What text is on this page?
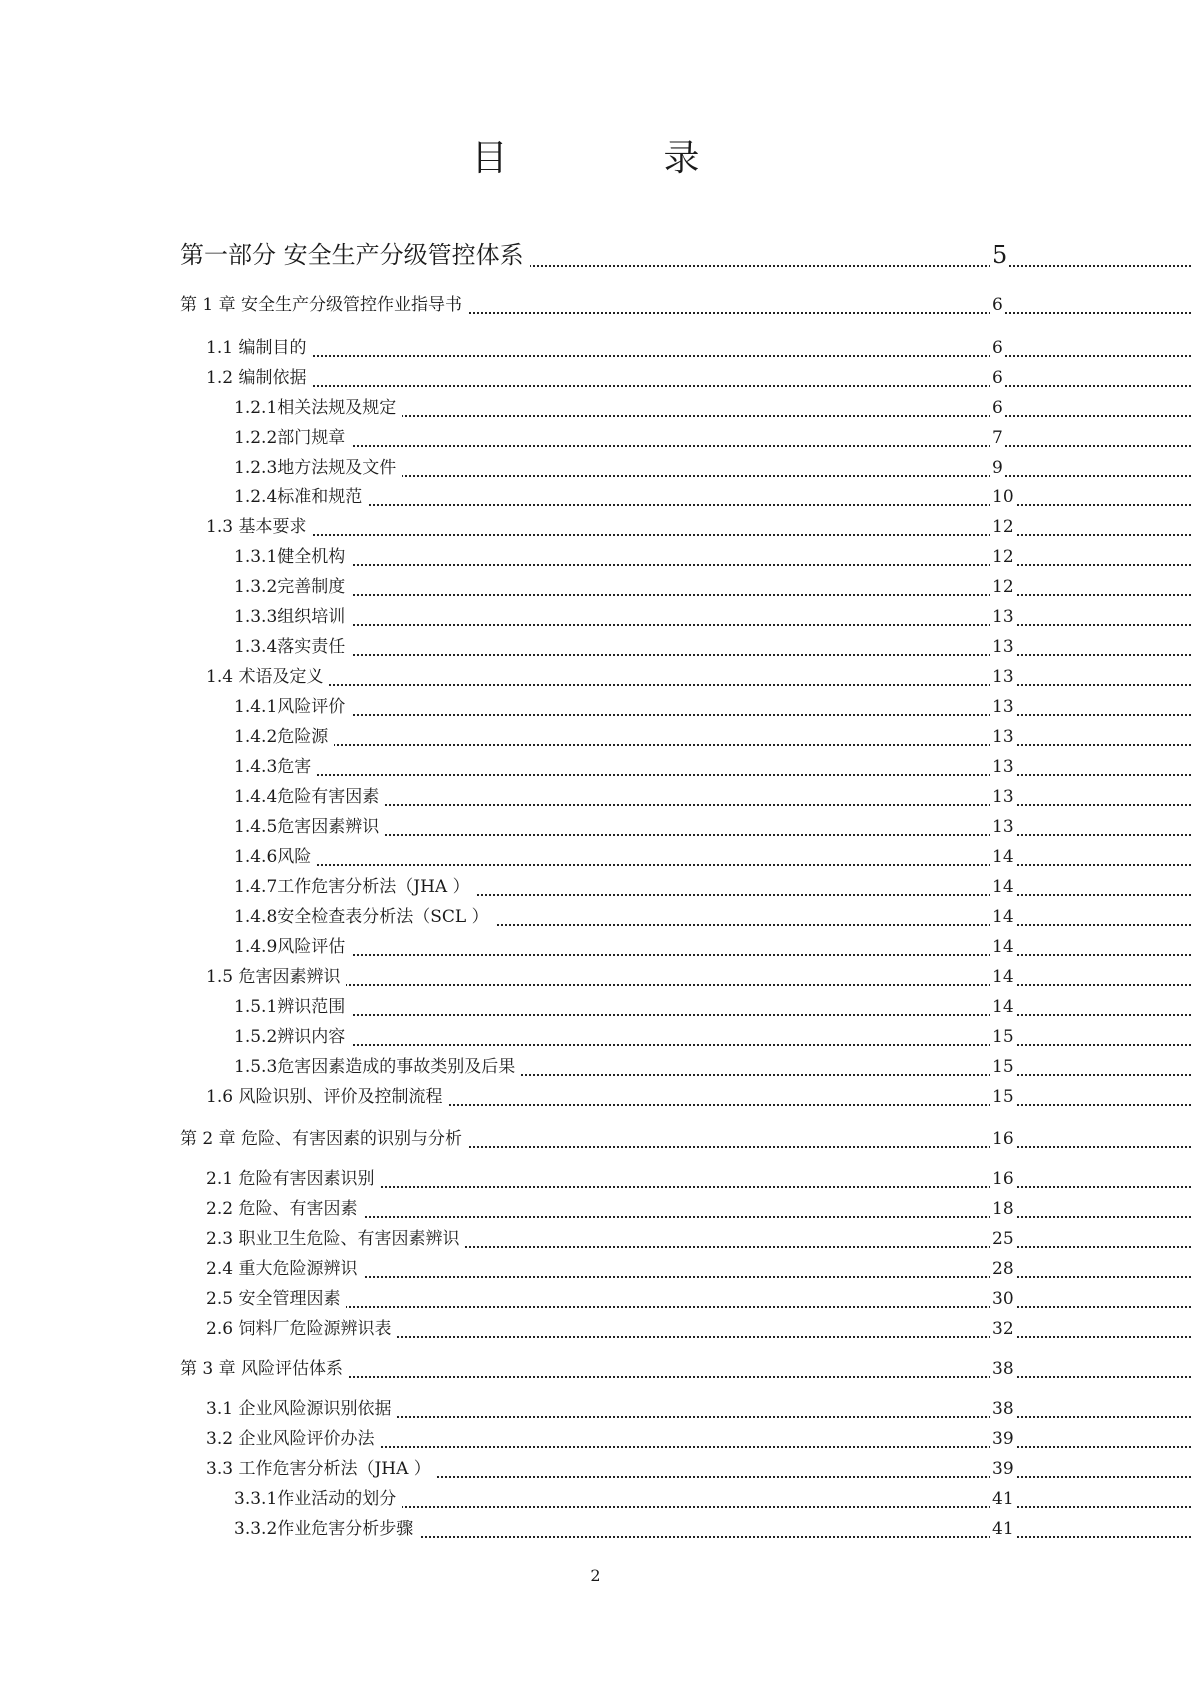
目　录
第一部分 安全生产分级管控体系	5
第 1 章 安全生产分级管控作业指导书	6
1.1 编制目的	6
1.2 编制依据	6
1.2.1相关法规及规定	6
1.2.2部门规章	7
1.2.3地方法规及文件	9
1.2.4标准和规范	10
1.3 基本要求	12
1.3.1健全机构	12
1.3.2完善制度	12
1.3.3组织培训	13
1.3.4落实责任	13
1.4 术语及定义	13
1.4.1风险评价	13
1.4.2危险源	13
1.4.3危害	13
1.4.4危险有害因素	13
1.4.5危害因素辨识	13
1.4.6风险	14
1.4.7工作危害分析法（JHA ）	14
1.4.8安全检查表分析法（SCL ）	14
1.4.9风险评估	14
1.5 危害因素辨识	14
1.5.1辨识范围	14
1.5.2辨识内容	15
1.5.3危害因素造成的事故类别及后果	15
1.6 风险识别、评价及控制流程	15
第 2 章 危险、有害因素的识别与分析	16
2.1 危险有害因素识别	16
2.2 危险、有害因素	18
2.3 职业卫生危险、有害因素辨识	25
2.4 重大危险源辨识	28
2.5 安全管理因素	30
2.6 饲料厂危险源辨识表	32
第 3 章 风险评估体系	38
3.1 企业风险源识别依据	38
3.2 企业风险评价办法	39
3.3 工作危害分析法（JHA ）	39
3.3.1作业活动的划分	41
3.3.2作业危害分析步骤	41
2
